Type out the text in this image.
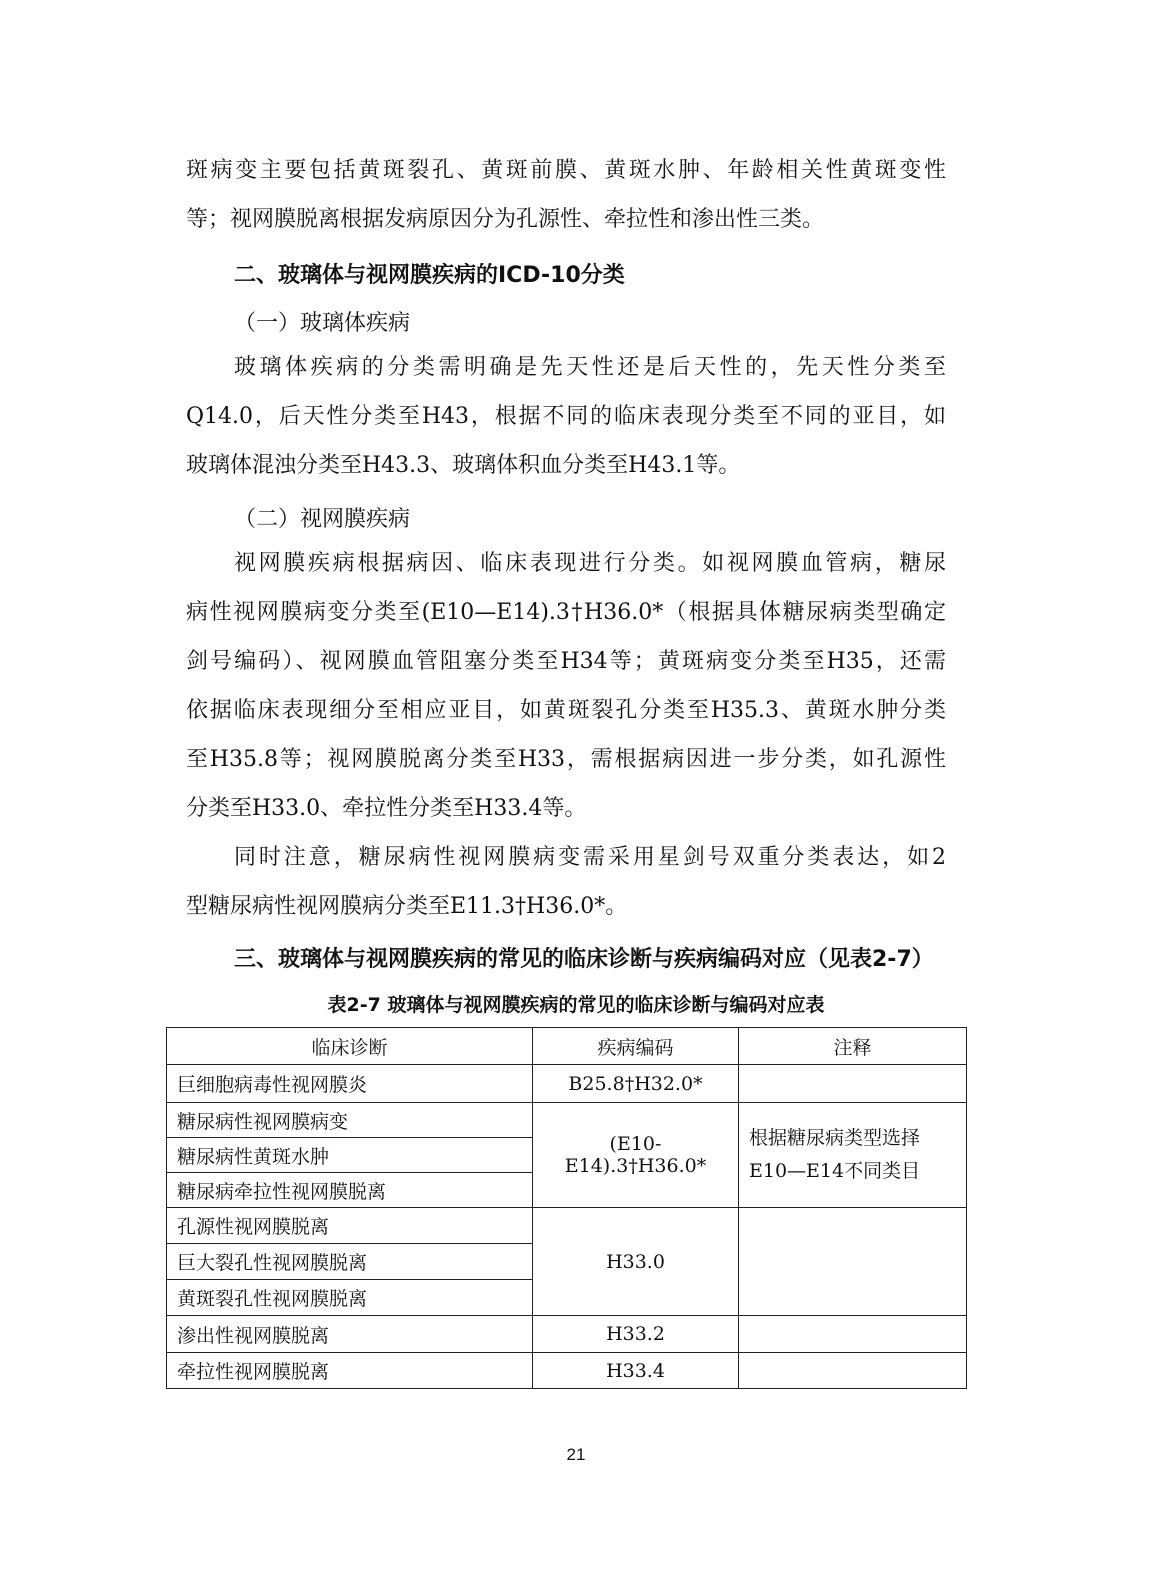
斑病变主要包括黄斑裂孔、黄斑前膜、黄斑水肿、年龄相关性黄斑变性
等；视网膜脱离根据发病原因分为孔源性、牵拉性和渗出性三类。
二、玻璃体与视网膜疾病的ICD-10分类
（一）玻璃体疾病
玻璃体疾病的分类需明确是先天性还是后天性的，先天性分类至
Q14.0，后天性分类至H43，根据不同的临床表现分类至不同的亚目，如
玻璃体混浊分类至H43.3、玻璃体积血分类至H43.1等。
（二）视网膜疾病
视网膜疾病根据病因、临床表现进行分类。如视网膜血管病，糖尿
病性视网膜病变分类至(E10—E14).3†H36.0*（根据具体糖尿病类型确定
剑号编码）、视网膜血管阻塞分类至H34等；黄斑病变分类至H35，还需
依据临床表现细分至相应亚目，如黄斑裂孔分类至H35.3、黄斑水肿分类
至H35.8等；视网膜脱离分类至H33，需根据病因进一步分类，如孔源性
分类至H33.0、牵拉性分类至H33.4等。
同时注意，糖尿病性视网膜病变需采用星剑号双重分类表达，如2
型糖尿病性视网膜病分类至E11.3†H36.0*。
三、玻璃体与视网膜疾病的常见的临床诊断与疾病编码对应（见表2-7）
表2-7 玻璃体与视网膜疾病的常见的临床诊断与编码对应表
临床诊断	疾病编码	注释
巨细胞病毒性视网膜炎	B25.8†H32.0*	
糖尿病性视网膜病变	(E10-E14).3†H36.0*	根据糖尿病类型选择E10—E14不同类目
糖尿病性黄斑水肿		
糖尿病牵拉性视网膜脱离		
孔源性视网膜脱离	H33.0	
巨大裂孔性视网膜脱离		
黄斑裂孔性视网膜脱离		
渗出性视网膜脱离	H33.2	
牵拉性视网膜脱离	H33.4	
21
